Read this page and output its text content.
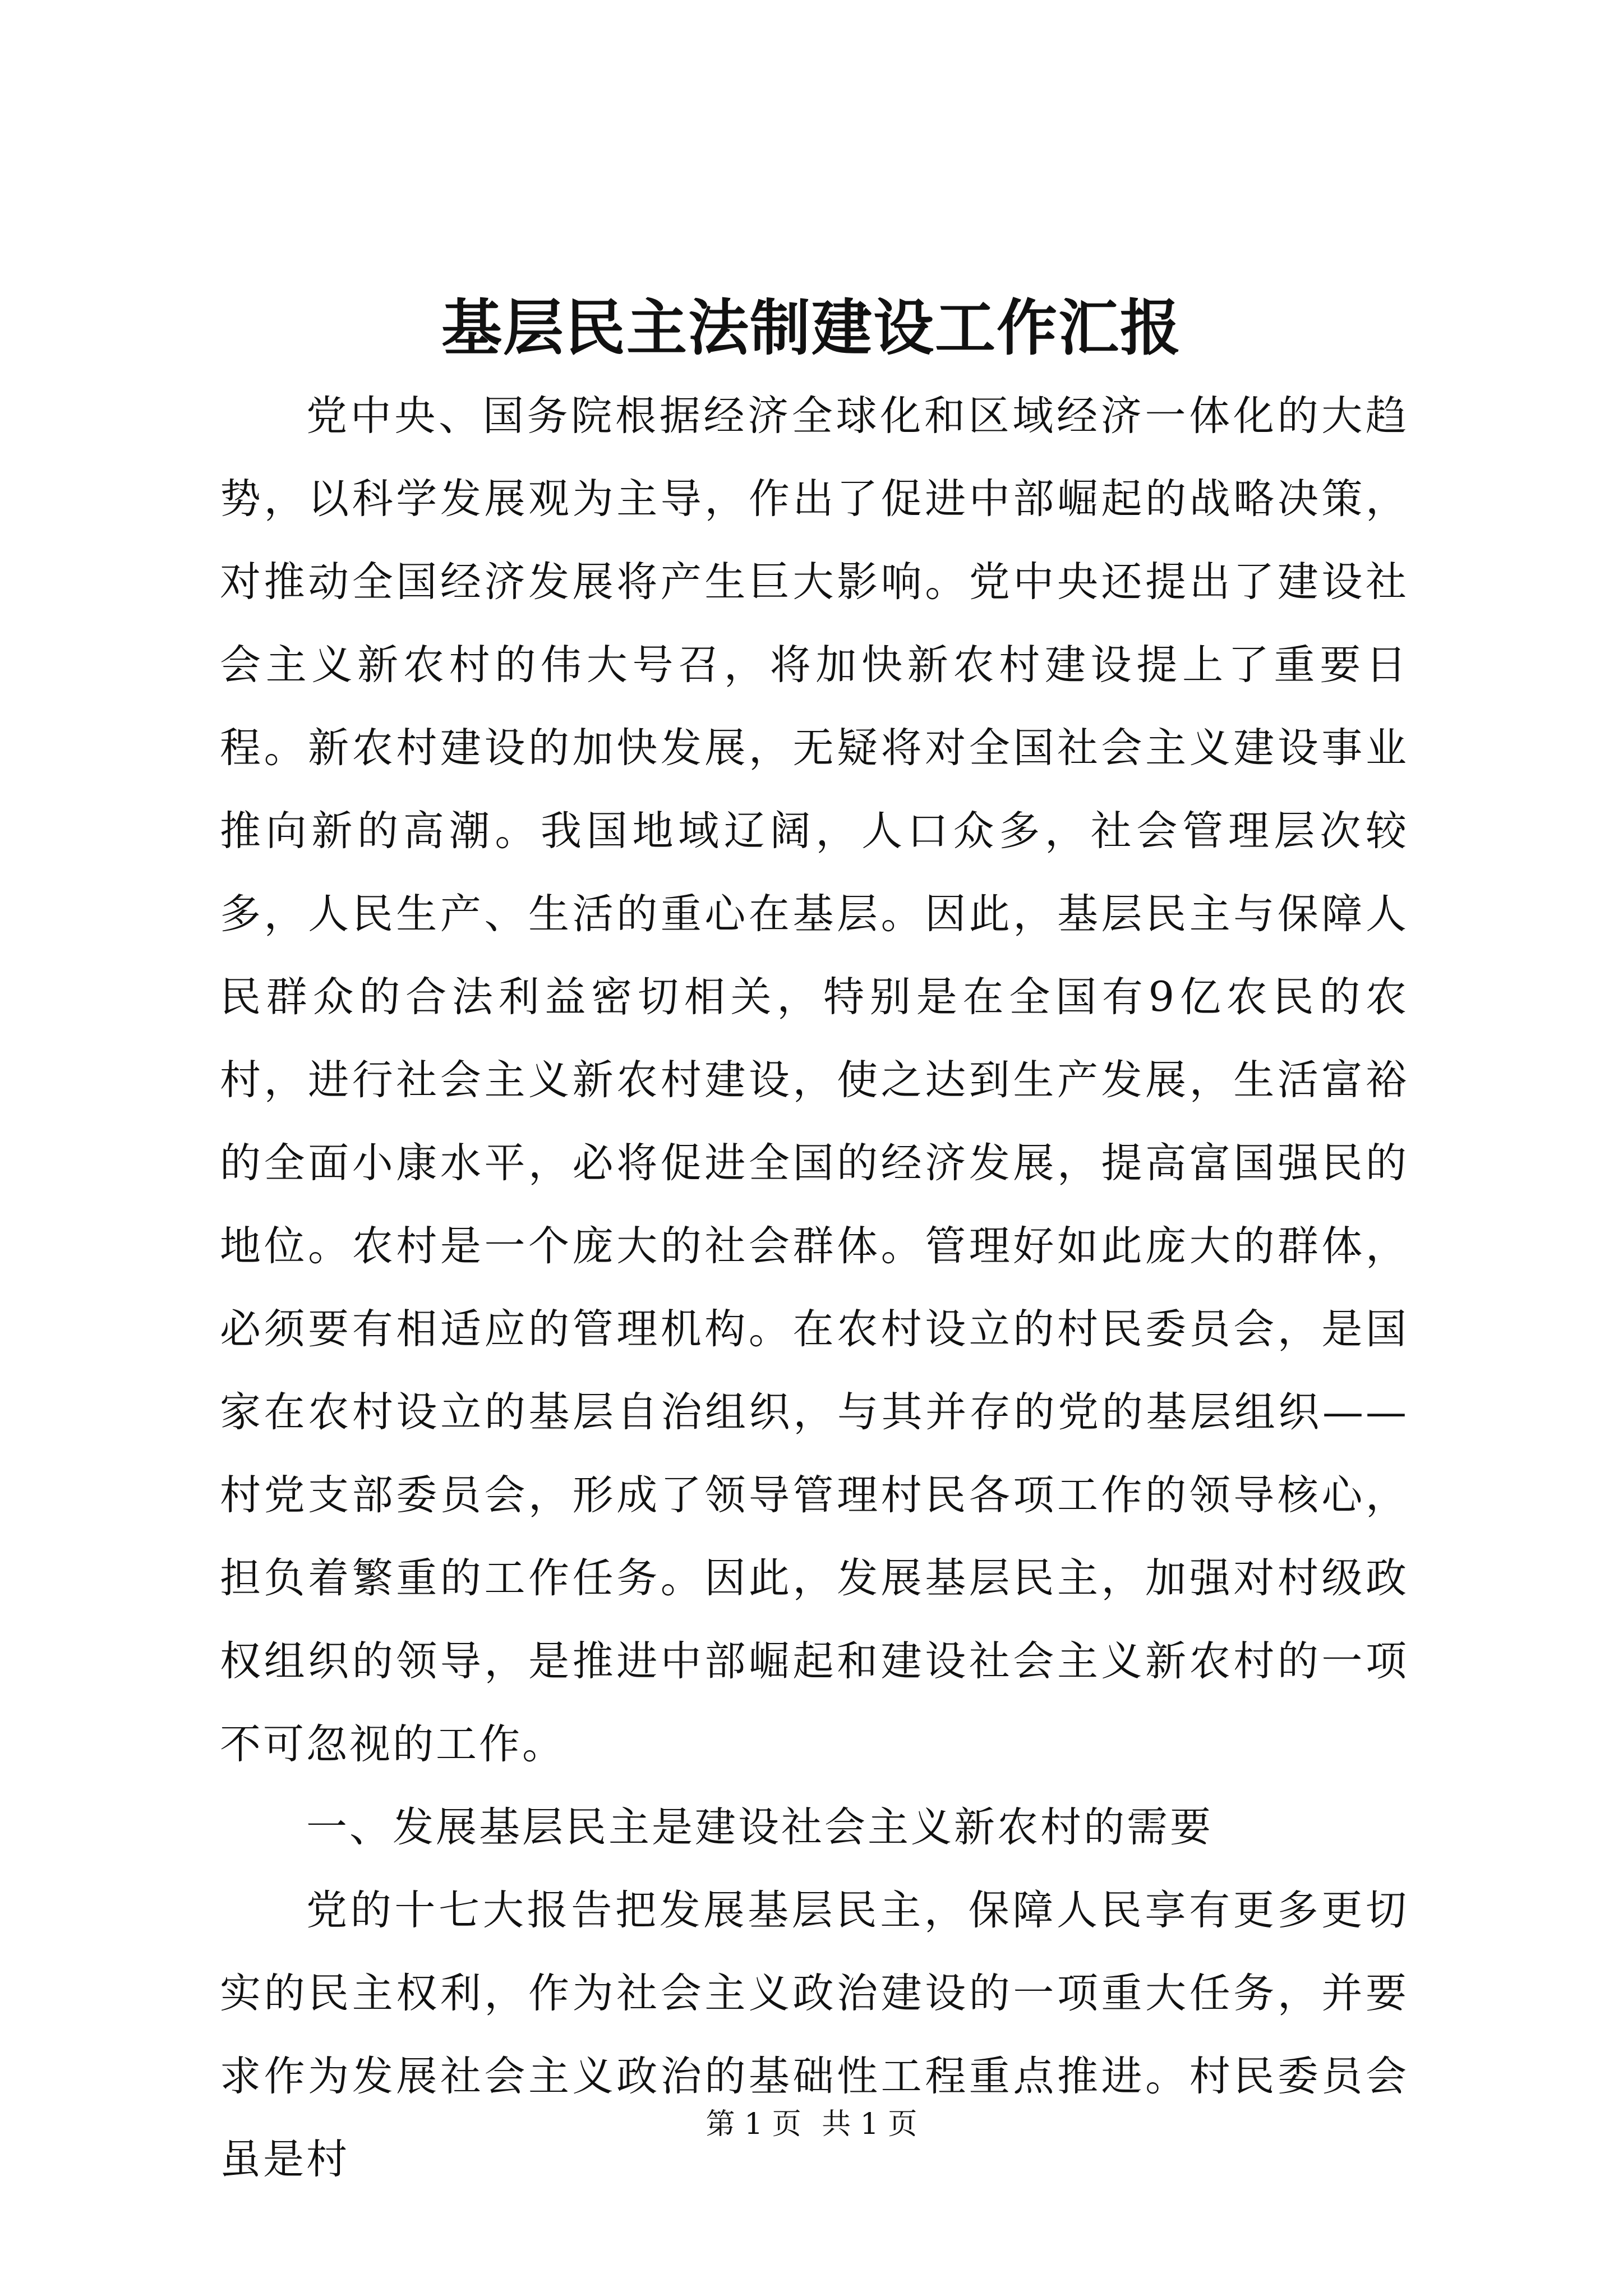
基层民主法制建设工作汇报

党中央、国务院根据经济全球化和区域经济一体化的大趋势，以科学发展观为主导，作出了促进中部崛起的战略决策，对推动全国经济发展将产生巨大影响。党中央还提出了建设社会主义新农村的伟大号召，将加快新农村建设提上了重要日程。新农村建设的加快发展，无疑将对全国社会主义建设事业推向新的高潮。我国地域辽阔，人口众多，社会管理层次较多，人民生产、生活的重心在基层。因此，基层民主与保障人民群众的合法利益密切相关，特别是在全国有9亿农民的农村，进行社会主义新农村建设，使之达到生产发展，生活富裕的全面小康水平，必将促进全国的经济发展，提高富国强民的地位。农村是一个庞大的社会群体。管理好如此庞大的群体，必须要有相适应的管理机构。在农村设立的村民委员会，是国家在农村设立的基层自治组织，与其并存的党的基层组织——村党支部委员会，形成了领导管理村民各项工作的领导核心，担负着繁重的工作任务。因此，发展基层民主，加强对村级政权组织的领导，是推进中部崛起和建设社会主义新农村的一项不可忽视的工作。

一、发展基层民主是建设社会主义新农村的需要

党的十七大报告把发展基层民主，保障人民享有更多更切实的民主权利，作为社会主义政治建设的一项重大任务，并要求作为发展社会主义政治的基础性工程重点推进。村民委员会虽是村

第 1 页 共 1 页
